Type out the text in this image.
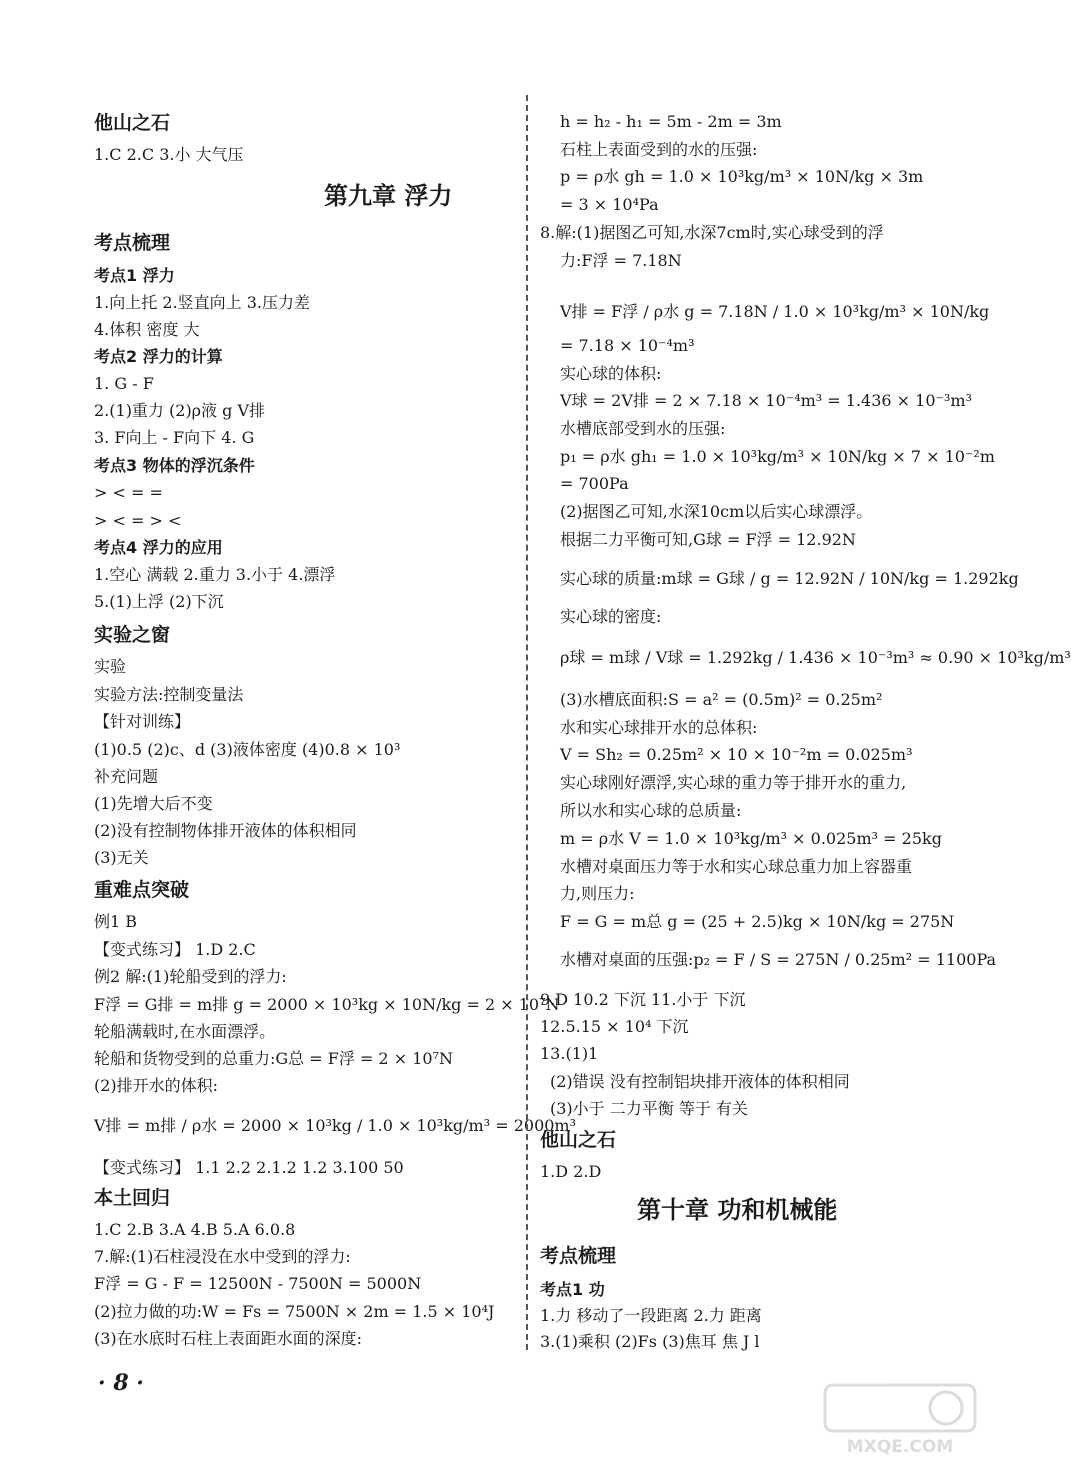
他山之石
1.C 2.C 3.小 大气压
第九章 浮力
考点梳理
考点1 浮力
1.向上托 2.竖直向上 3.压力差
4.体积 密度 大
考点2 浮力的计算
1. G - F
2.(1)重力 (2)ρ液 g V排
3. F向上 - F向下 4. G
考点3 物体的浮沉条件
> < = =
> < = > <
考点4 浮力的应用
1.空心 满载 2.重力 3.小于 4.漂浮
5.(1)上浮 (2)下沉
实验之窗
实验
实验方法:控制变量法
【针对训练】
(1)0.5 (2)c、d (3)液体密度 (4)0.8 × 10³
补充问题
(1)先增大后不变
(2)没有控制物体排开液体的体积相同
(3)无关
重难点突破
例1 B
【变式练习】 1.D 2.C
例2 解:(1)轮船受到的浮力:
F浮 = G排 = m排 g = 2000 × 10³kg × 10N/kg = 2 × 10⁷N
轮船满载时,在水面漂浮。
轮船和货物受到的总重力:G总 = F浮 = 2 × 10⁷N
(2)排开水的体积:
V排 = m排 / ρ水 = 2000 × 10³kg / 1.0 × 10³kg/m³ = 2000m³
【变式练习】 1.1 2.2 2.1.2 1.2 3.100 50
本土回归
1.C 2.B 3.A 4.B 5.A 6.0.8
7.解:(1)石柱浸没在水中受到的浮力:
F浮 = G - F = 12500N - 7500N = 5000N
(2)拉力做的功:W = Fs = 7500N × 2m = 1.5 × 10⁴J
(3)在水底时石柱上表面距水面的深度:
h = h₂ - h₁ = 5m - 2m = 3m
石柱上表面受到的水的压强:
p = ρ水 gh = 1.0 × 10³kg/m³ × 10N/kg × 3m
= 3 × 10⁴Pa
8.解:(1)据图乙可知,水深7cm时,实心球受到的浮
力:F浮 = 7.18N
V排 = F浮 / ρ水 g = 7.18N / 1.0 × 10³kg/m³ × 10N/kg
= 7.18 × 10⁻⁴m³
实心球的体积:
V球 = 2V排 = 2 × 7.18 × 10⁻⁴m³ = 1.436 × 10⁻³m³
水槽底部受到水的压强:
p₁ = ρ水 gh₁ = 1.0 × 10³kg/m³ × 10N/kg × 7 × 10⁻²m
= 700Pa
(2)据图乙可知,水深10cm以后实心球漂浮。
根据二力平衡可知,G球 = F浮 = 12.92N
实心球的质量:m球 = G球 / g = 12.92N / 10N/kg = 1.292kg
实心球的密度:
ρ球 = m球 / V球 = 1.292kg / 1.436 × 10⁻³m³ ≈ 0.90 × 10³kg/m³
(3)水槽底面积:S = a² = (0.5m)² = 0.25m²
水和实心球排开水的总体积:
V = Sh₂ = 0.25m² × 10 × 10⁻²m = 0.025m³
实心球刚好漂浮,实心球的重力等于排开水的重力,
所以水和实心球的总质量:
m = ρ水 V = 1.0 × 10³kg/m³ × 0.025m³ = 25kg
水槽对桌面压力等于水和实心球总重力加上容器重
力,则压力:
F = G = m总 g = (25 + 2.5)kg × 10N/kg = 275N
水槽对桌面的压强:p₂ = F / S = 275N / 0.25m² = 1100Pa
9.D 10.2 下沉 11.小于 下沉
12.5.15 × 10⁴ 下沉
13.(1)1
(2)错误 没有控制铝块排开液体的体积相同
(3)小于 二力平衡 等于 有关
他山之石
1.D 2.D
第十章 功和机械能
考点梳理
考点1 功
1.力 移动了一段距离 2.力 距离
3.(1)乘积 (2)Fs (3)焦耳 焦 J l
· 8 ·
MXQE.COM
